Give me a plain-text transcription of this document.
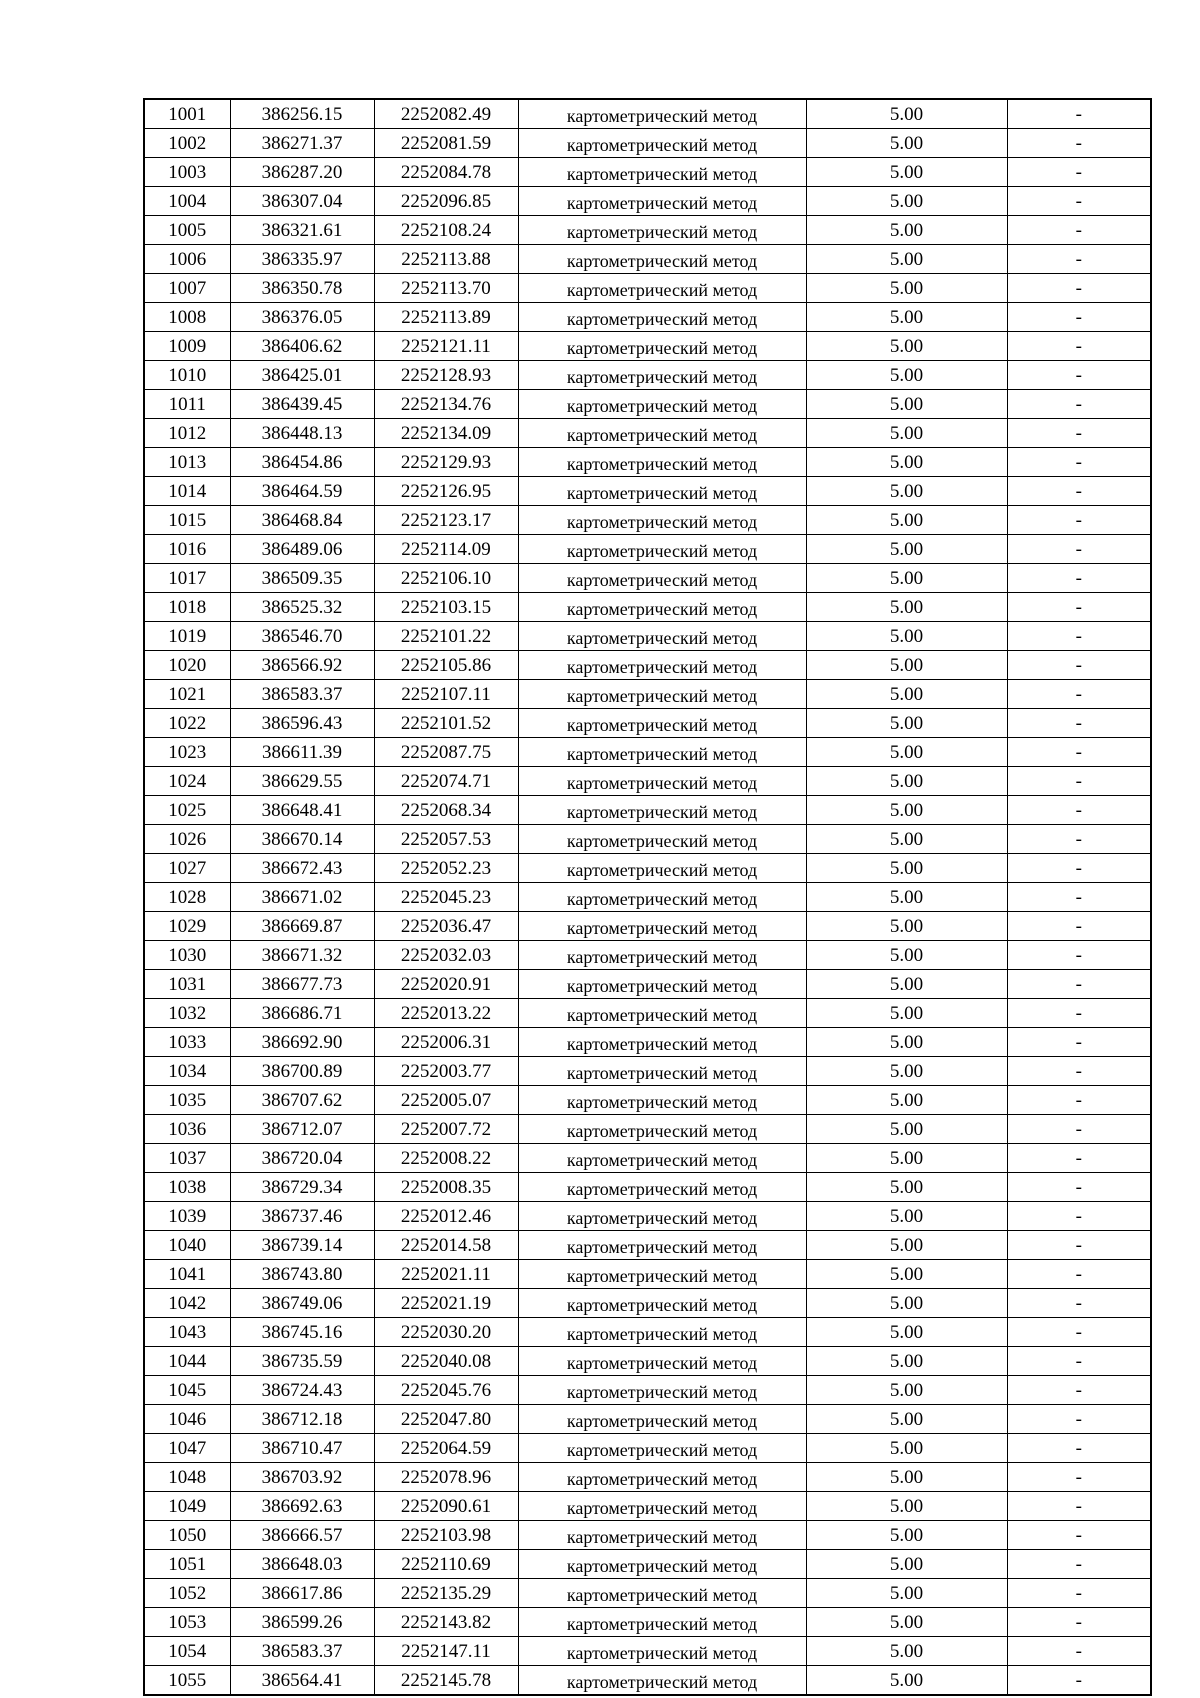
1001	386256.15	2252082.49	картометрический метод	5.00	-
1002	386271.37	2252081.59	картометрический метод	5.00	-
1003	386287.20	2252084.78	картометрический метод	5.00	-
1004	386307.04	2252096.85	картометрический метод	5.00	-
1005	386321.61	2252108.24	картометрический метод	5.00	-
1006	386335.97	2252113.88	картометрический метод	5.00	-
1007	386350.78	2252113.70	картометрический метод	5.00	-
1008	386376.05	2252113.89	картометрический метод	5.00	-
1009	386406.62	2252121.11	картометрический метод	5.00	-
1010	386425.01	2252128.93	картометрический метод	5.00	-
1011	386439.45	2252134.76	картометрический метод	5.00	-
1012	386448.13	2252134.09	картометрический метод	5.00	-
1013	386454.86	2252129.93	картометрический метод	5.00	-
1014	386464.59	2252126.95	картометрический метод	5.00	-
1015	386468.84	2252123.17	картометрический метод	5.00	-
1016	386489.06	2252114.09	картометрический метод	5.00	-
1017	386509.35	2252106.10	картометрический метод	5.00	-
1018	386525.32	2252103.15	картометрический метод	5.00	-
1019	386546.70	2252101.22	картометрический метод	5.00	-
1020	386566.92	2252105.86	картометрический метод	5.00	-
1021	386583.37	2252107.11	картометрический метод	5.00	-
1022	386596.43	2252101.52	картометрический метод	5.00	-
1023	386611.39	2252087.75	картометрический метод	5.00	-
1024	386629.55	2252074.71	картометрический метод	5.00	-
1025	386648.41	2252068.34	картометрический метод	5.00	-
1026	386670.14	2252057.53	картометрический метод	5.00	-
1027	386672.43	2252052.23	картометрический метод	5.00	-
1028	386671.02	2252045.23	картометрический метод	5.00	-
1029	386669.87	2252036.47	картометрический метод	5.00	-
1030	386671.32	2252032.03	картометрический метод	5.00	-
1031	386677.73	2252020.91	картометрический метод	5.00	-
1032	386686.71	2252013.22	картометрический метод	5.00	-
1033	386692.90	2252006.31	картометрический метод	5.00	-
1034	386700.89	2252003.77	картометрический метод	5.00	-
1035	386707.62	2252005.07	картометрический метод	5.00	-
1036	386712.07	2252007.72	картометрический метод	5.00	-
1037	386720.04	2252008.22	картометрический метод	5.00	-
1038	386729.34	2252008.35	картометрический метод	5.00	-
1039	386737.46	2252012.46	картометрический метод	5.00	-
1040	386739.14	2252014.58	картометрический метод	5.00	-
1041	386743.80	2252021.11	картометрический метод	5.00	-
1042	386749.06	2252021.19	картометрический метод	5.00	-
1043	386745.16	2252030.20	картометрический метод	5.00	-
1044	386735.59	2252040.08	картометрический метод	5.00	-
1045	386724.43	2252045.76	картометрический метод	5.00	-
1046	386712.18	2252047.80	картометрический метод	5.00	-
1047	386710.47	2252064.59	картометрический метод	5.00	-
1048	386703.92	2252078.96	картометрический метод	5.00	-
1049	386692.63	2252090.61	картометрический метод	5.00	-
1050	386666.57	2252103.98	картометрический метод	5.00	-
1051	386648.03	2252110.69	картометрический метод	5.00	-
1052	386617.86	2252135.29	картометрический метод	5.00	-
1053	386599.26	2252143.82	картометрический метод	5.00	-
1054	386583.37	2252147.11	картометрический метод	5.00	-
1055	386564.41	2252145.78	картометрический метод	5.00	-
